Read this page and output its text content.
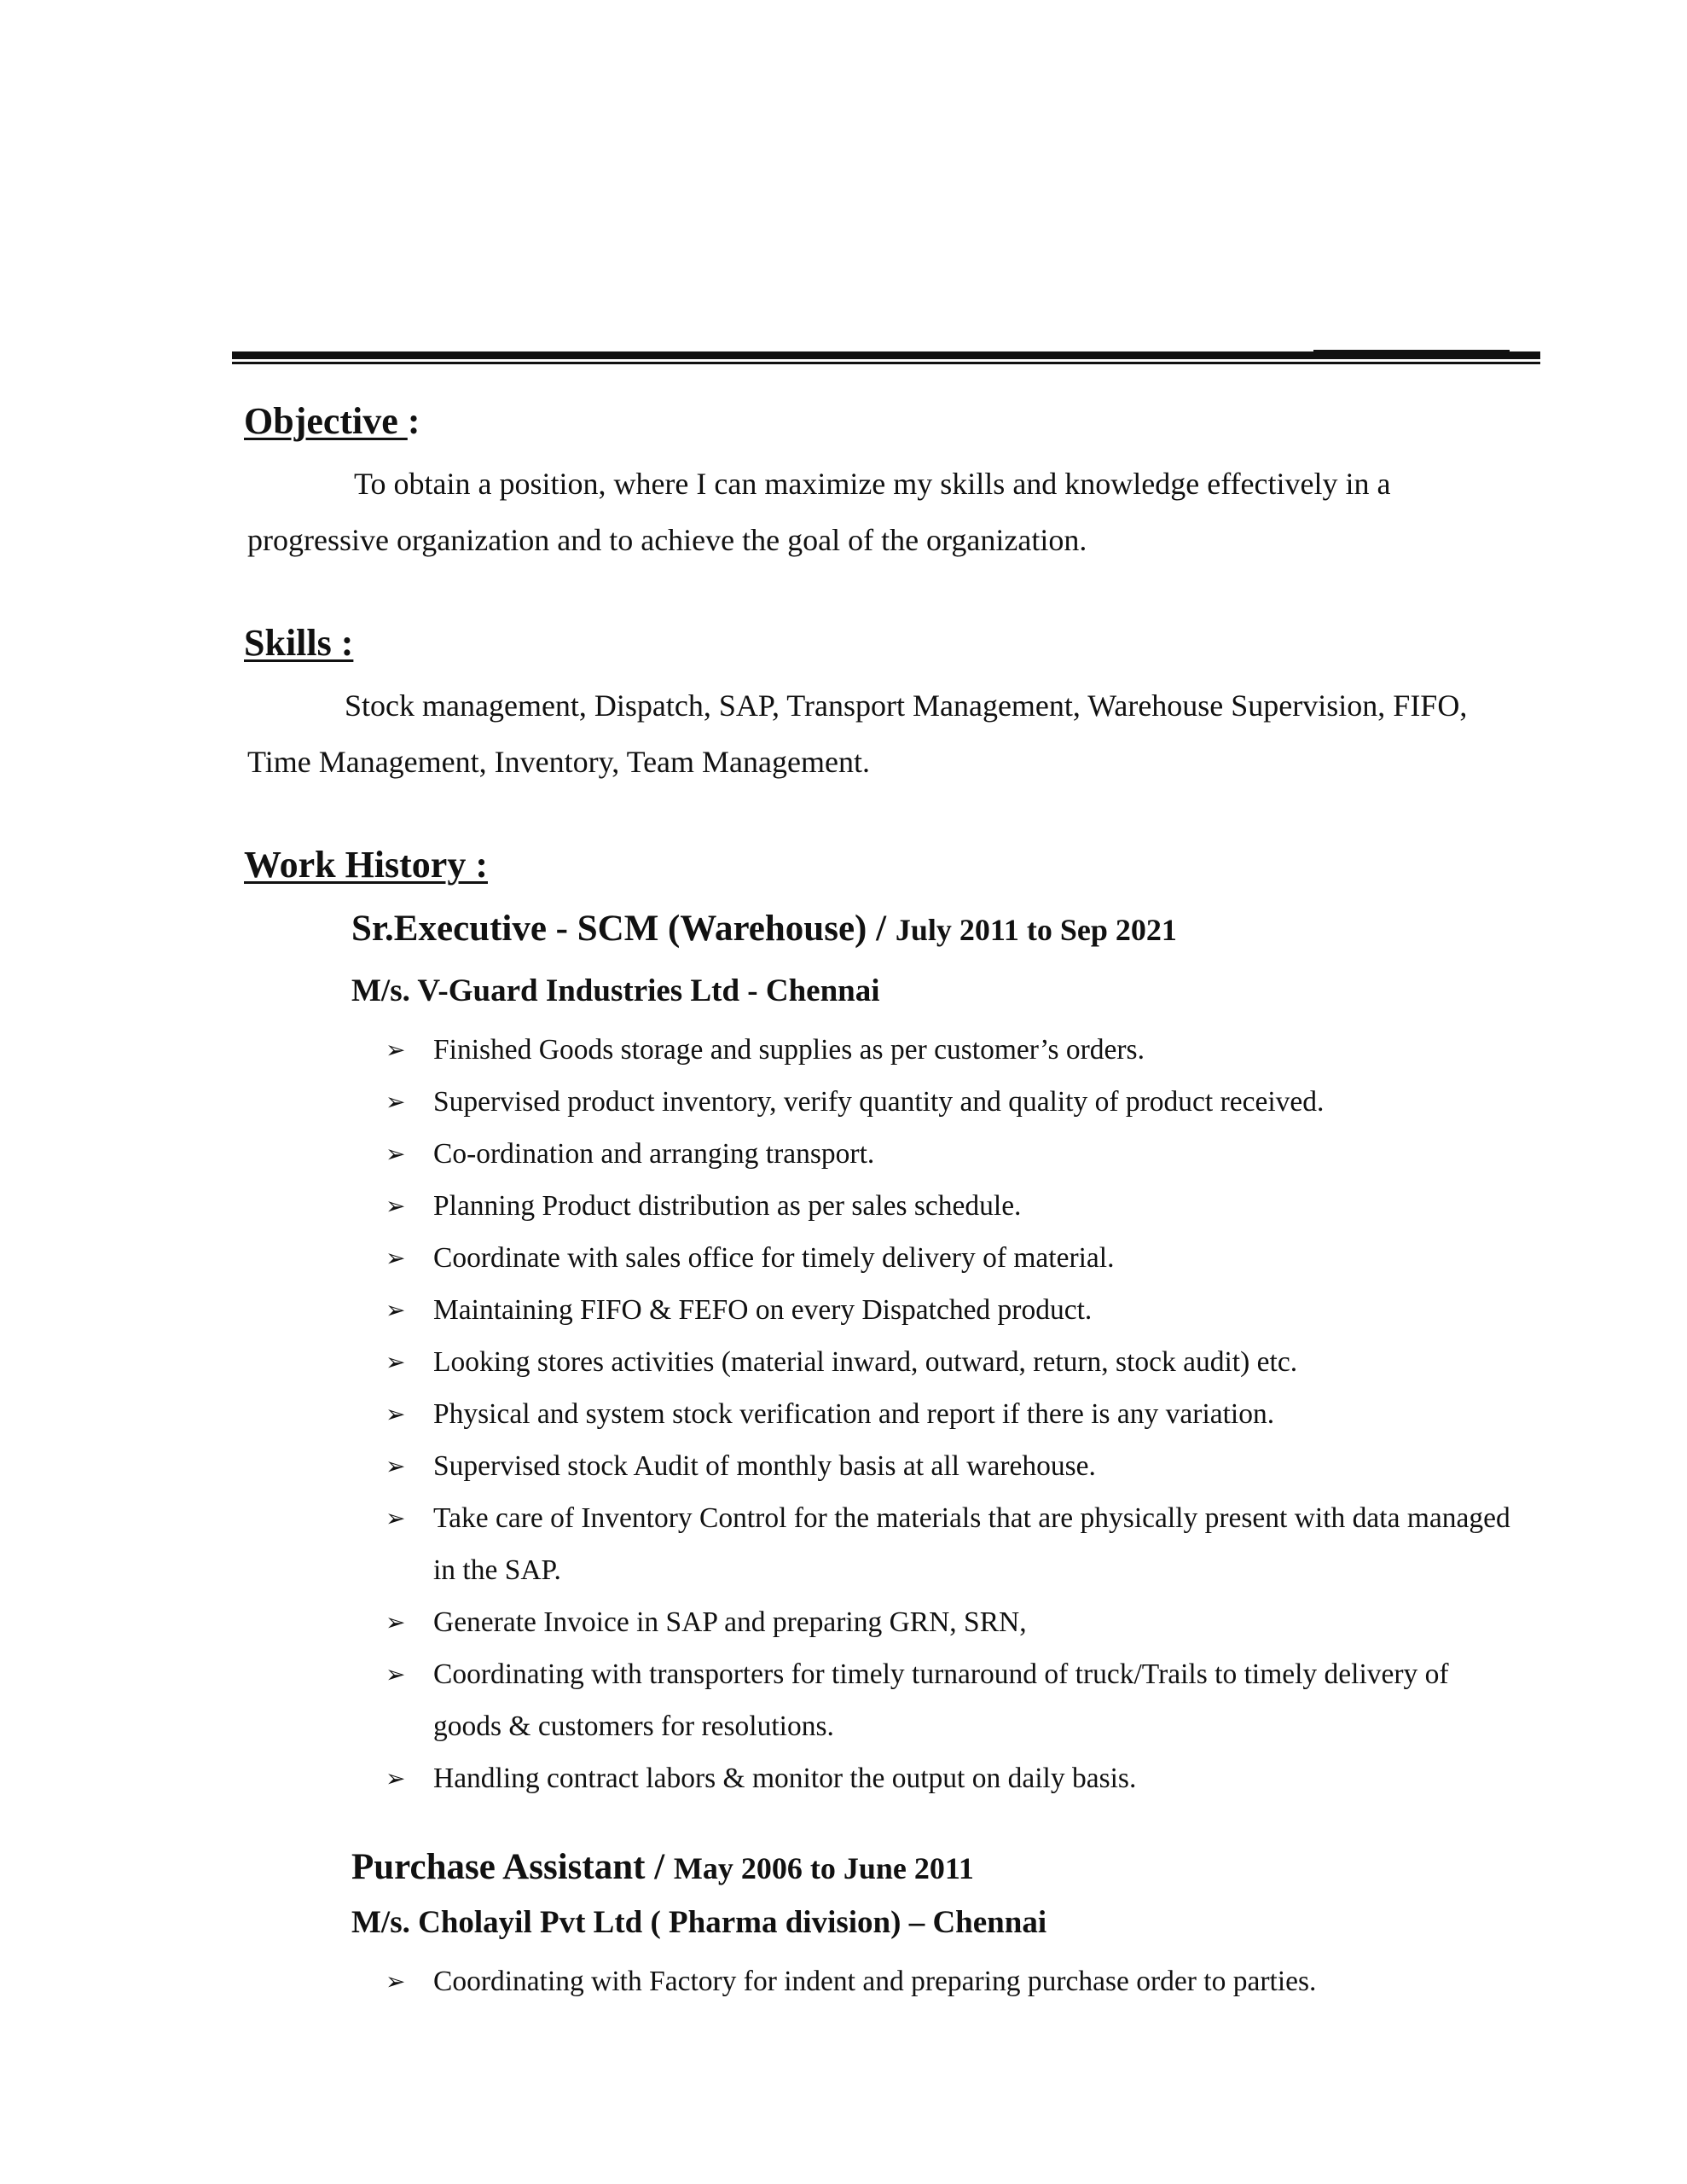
Objective :
To obtain a position, where I can maximize my skills and knowledge effectively in a progressive organization and to achieve the goal of the organization.
Skills :
Stock management, Dispatch, SAP, Transport Management, Warehouse Supervision, FIFO, Time Management, Inventory, Team Management.
Work History :
Sr.Executive - SCM (Warehouse) / July 2011 to Sep 2021
M/s. V-Guard Industries Ltd - Chennai
➢ Finished Goods storage and supplies as per customer’s orders.
➢ Supervised product inventory, verify quantity and quality of product received.
➢ Co-ordination and arranging transport.
➢ Planning Product distribution as per sales schedule.
➢ Coordinate with sales office for timely delivery of material.
➢ Maintaining FIFO & FEFO on every Dispatched product.
➢ Looking stores activities (material inward, outward, return, stock audit) etc.
➢ Physical and system stock verification and report if there is any variation.
➢ Supervised stock Audit of monthly basis at all warehouse.
➢ Take care of Inventory Control for the materials that are physically present with data managed in the SAP.
➢ Generate Invoice in SAP and preparing GRN, SRN,
➢ Coordinating with transporters for timely turnaround of truck/Trails to timely delivery of goods & customers for resolutions.
➢ Handling contract labors & monitor the output on daily basis.
Purchase Assistant / May 2006 to June 2011
M/s. Cholayil Pvt Ltd ( Pharma division) – Chennai
➢ Coordinating with Factory for indent and preparing purchase order to parties.
